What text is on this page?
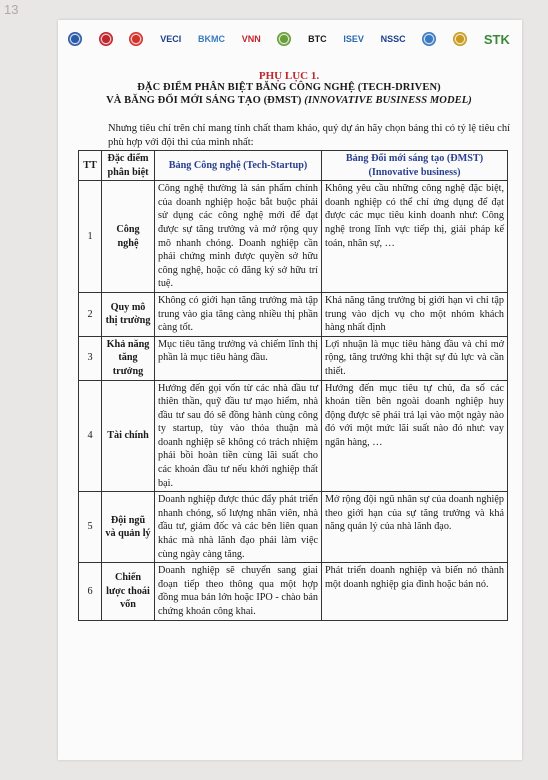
13
VECI BKMC VNN	BTC ISEV NSSC	STK
PHỤ LỤC 1.
ĐẶC ĐIỂM PHÂN BIỆT BĂNG CÔNG NGHỆ (TECH-DRIVEN)
VÀ BĂNG ĐỔI MỚI SÁNG TẠO (ĐMST) (INNOVATIVE BUSINESS MODEL)
Nhưng tiêu chí trên chỉ mang tính chất tham khảo, quý dự án hãy chọn bảng thi có tỷ lệ tiêu chí phù hợp với đội thi của mình nhất:
TT	Đặc điểm phân biệt	Bảng Công nghệ (Tech-Startup)	Bảng Đổi mới sáng tạo (ĐMST) (Innovative business)
1	Công nghệ	Công nghệ thường là sản phẩm chính của doanh nghiệp hoặc bắt buộc phải sử dụng các công nghệ mới để đạt được sự tăng trưởng và mở rộng quy mô nhanh chóng. Doanh nghiệp cần phải chứng minh được quyền sở hữu công nghệ, hoặc có đăng ký sở hữu trí tuệ.	Không yêu cầu những công nghệ đặc biệt, doanh nghiệp có thể chỉ ứng dụng để đạt được các mục tiêu kinh doanh như: Công nghệ trong lĩnh vực tiếp thị, giải pháp kế toán, nhân sự, …
2	Quy mô thị trường	Không có giới hạn tăng trưởng mà tập trung vào gia tăng càng nhiều thị phần càng tốt.	Khả năng tăng trưởng bị giới hạn vì chỉ tập trung vào dịch vụ cho một nhóm khách hàng nhất định
3	Khả năng tăng trưởng	Mục tiêu tăng trưởng và chiếm lĩnh thị phần là mục tiêu hàng đầu.	Lợi nhuận là mục tiêu hàng đầu và chỉ mở rộng, tăng trưởng khi thật sự đủ lực và cần thiết.
4	Tài chính	Hướng đến gọi vốn từ các nhà đầu tư thiên thần, quỹ đầu tư mạo hiểm, nhà đầu tư sau đó sẽ đồng hành cùng công ty startup, tùy vào thỏa thuận mà doanh nghiệp sẽ không có trách nhiệm phải bồi hoàn tiền cùng lãi suất cho các khoản đầu tư nếu khởi nghiệp thất bại.	Hướng đến mục tiêu tự chủ, đa số các khoản tiền bên ngoài doanh nghiệp huy động được sẽ phải trả lại vào một ngày nào đó với một mức lãi suất nào đó như: vay ngân hàng, …
5	Đội ngũ và quản lý	Doanh nghiệp được thúc đẩy phát triển nhanh chóng, số lượng nhân viên, nhà đầu tư, giám đốc và các bên liên quan khác mà nhà lãnh đạo phải làm việc cùng ngày càng tăng.	Mở rộng đội ngũ nhân sự của doanh nghiệp theo giới hạn của sự tăng trưởng và khả năng quản lý của nhà lãnh đạo.
6	Chiến lược thoái vốn	Doanh nghiệp sẽ chuyển sang giai đoạn tiếp theo thông qua một hợp đồng mua bán lớn hoặc IPO - chào bán chứng khoán công khai.	Phát triển doanh nghiệp và biến nó thành một doanh nghiệp gia đình hoặc bán nó.
